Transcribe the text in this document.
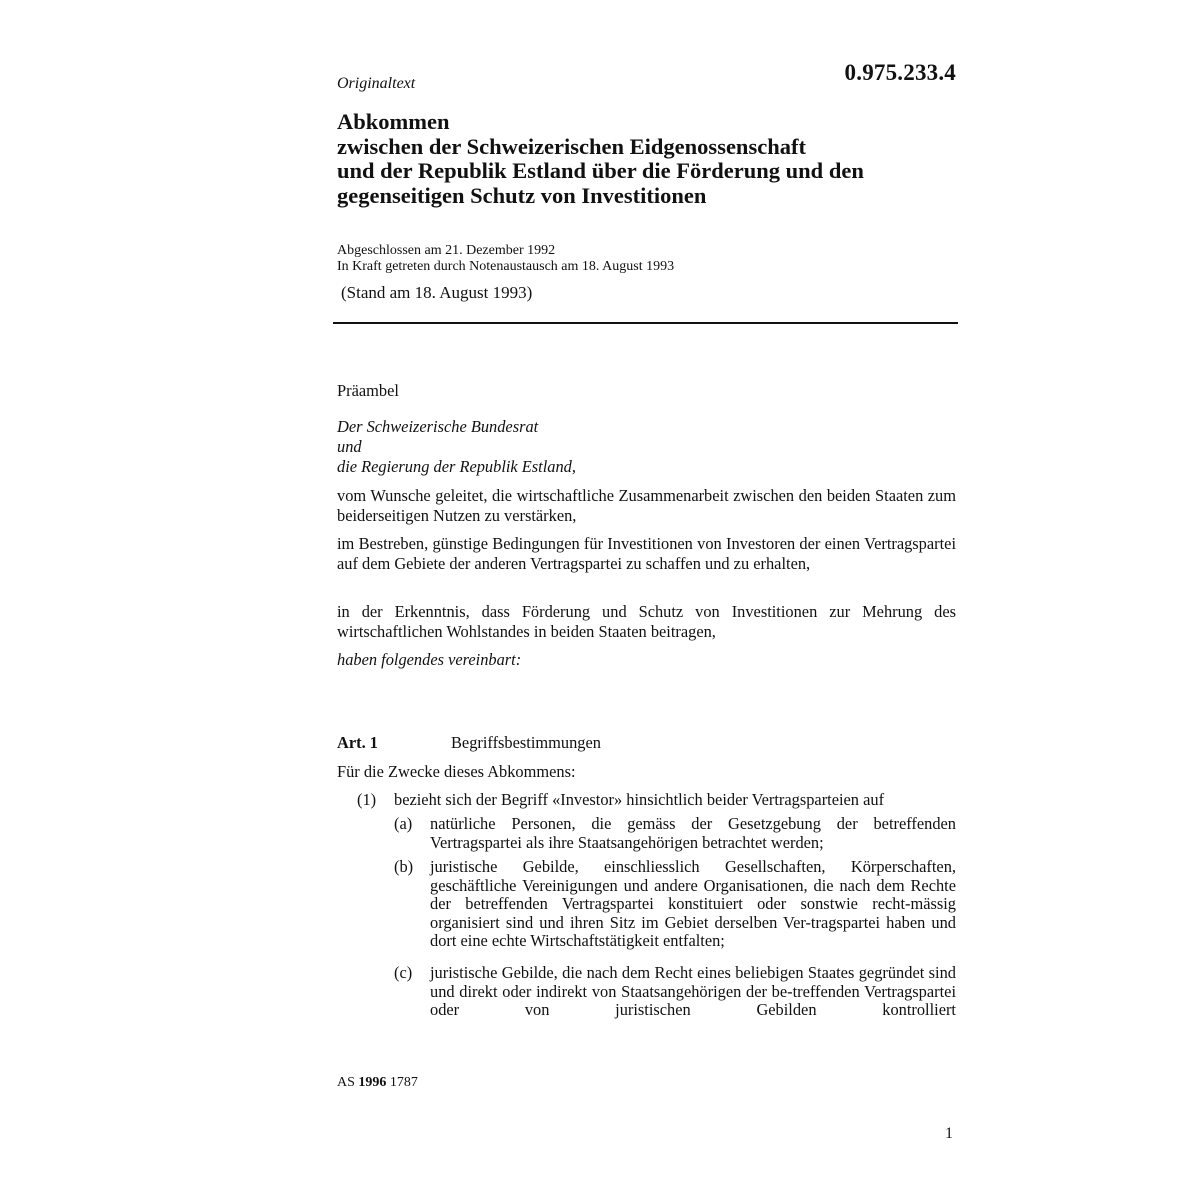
Originaltext	0.975.233.4
Abkommen
zwischen der Schweizerischen Eidgenossenschaft
und der Republik Estland über die Förderung und den
gegenseitigen Schutz von Investitionen
Abgeschlossen am 21. Dezember 1992
In Kraft getreten durch Notenaustausch am 18. August 1993
(Stand am 18. August 1993)
Präambel
Der Schweizerische Bundesrat
und
die Regierung der Republik Estland,
vom Wunsche geleitet, die wirtschaftliche Zusammenarbeit zwischen den beiden Staaten zum beiderseitigen Nutzen zu verstärken,
im Bestreben, günstige Bedingungen für Investitionen von Investoren der einen Vertragspartei auf dem Gebiete der anderen Vertragspartei zu schaffen und zu erhalten,
in der Erkenntnis, dass Förderung und Schutz von Investitionen zur Mehrung des wirtschaftlichen Wohlstandes in beiden Staaten beitragen,
haben folgendes vereinbart:
Art. 1	Begriffsbestimmungen
Für die Zwecke dieses Abkommens:
(1) bezieht sich der Begriff «Investor» hinsichtlich beider Vertragsparteien auf
(a) natürliche Personen, die gemäss der Gesetzgebung der betreffenden Vertragspartei als ihre Staatsangehörigen betrachtet werden;
(b) juristische Gebilde, einschliesslich Gesellschaften, Körperschaften, geschäftliche Vereinigungen und andere Organisationen, die nach dem Rechte der betreffenden Vertragspartei konstituiert oder sonstwie recht-mässig organisiert sind und ihren Sitz im Gebiet derselben Ver-tragspartei haben und dort eine echte Wirtschaftstätigkeit entfalten;
(c) juristische Gebilde, die nach dem Recht eines beliebigen Staates gegründet sind und direkt oder indirekt von Staatsangehörigen der be-treffenden Vertragspartei oder von juristischen Gebilden kontrolliert
AS 1996 1787
1
